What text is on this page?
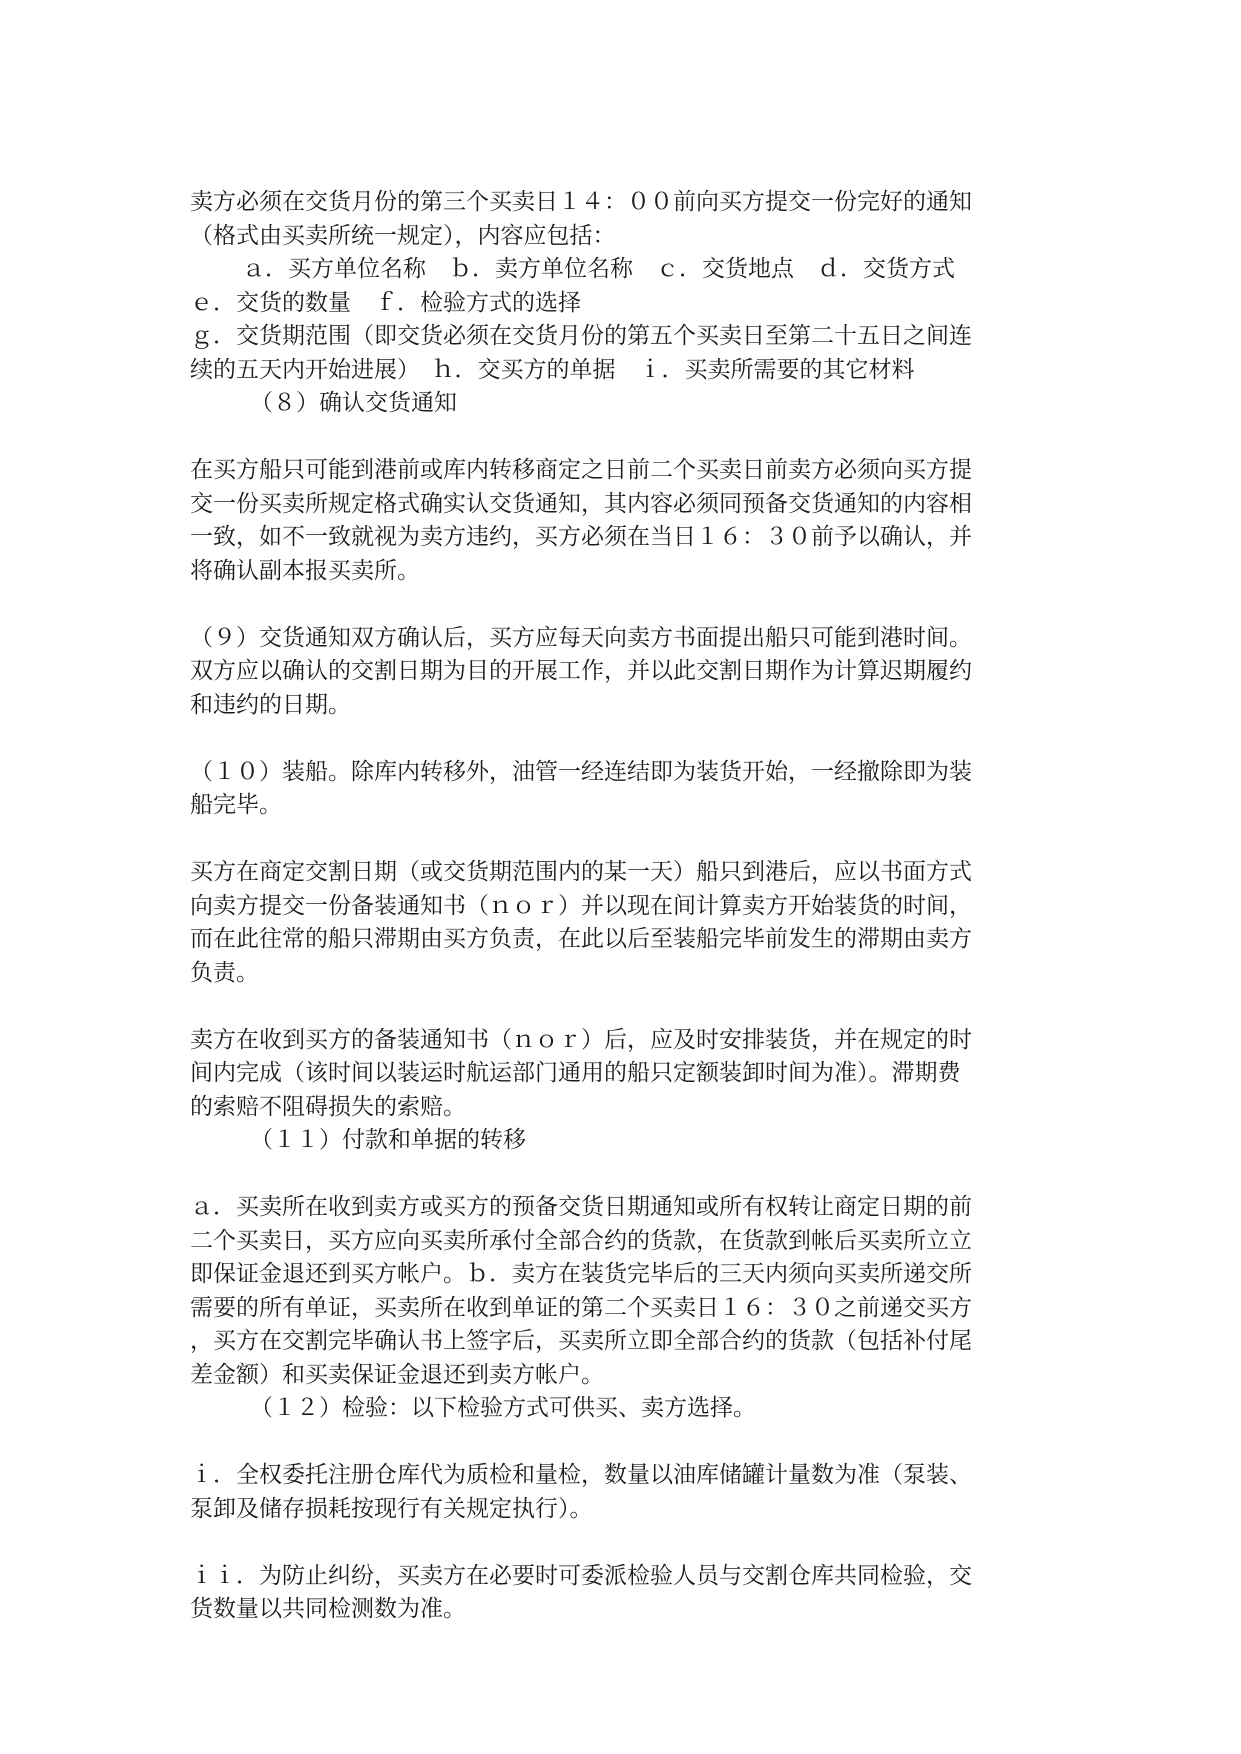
卖方必须在交货月份的第三个买卖日１４：００前向买方提交一份完好的通知
（格式由买卖所统一规定），内容应包括：
ａ．买方单位名称　ｂ．卖方单位名称　ｃ．交货地点　ｄ．交货方式
ｅ．交货的数量　ｆ．检验方式的选择
ｇ．交货期范围（即交货必须在交货月份的第五个买卖日至第二十五日之间连
续的五天内开始进展）　ｈ．交买方的单据　ｉ．买卖所需要的其它材料
（８）确认交货通知
在买方船只可能到港前或库内转移商定之日前二个买卖日前卖方必须向买方提
交一份买卖所规定格式确实认交货通知，其内容必须同预备交货通知的内容相
一致，如不一致就视为卖方违约，买方必须在当日１６：３０前予以确认，并
将确认副本报买卖所。
（９）交货通知双方确认后，买方应每天向卖方书面提出船只可能到港时间。
双方应以确认的交割日期为目的开展工作，并以此交割日期作为计算迟期履约
和违约的日期。
（１０）装船。除库内转移外，油管一经连结即为装货开始，一经撤除即为装
船完毕。
买方在商定交割日期（或交货期范围内的某一天）船只到港后，应以书面方式
向卖方提交一份备装通知书（ｎｏｒ）并以现在间计算卖方开始装货的时间，
而在此往常的船只滞期由买方负责，在此以后至装船完毕前发生的滞期由卖方
负责。
卖方在收到买方的备装通知书（ｎｏｒ）后，应及时安排装货，并在规定的时
间内完成（该时间以装运时航运部门通用的船只定额装卸时间为准）。滞期费
的索赔不阻碍损失的索赔。
（１１）付款和单据的转移
ａ．买卖所在收到卖方或买方的预备交货日期通知或所有权转让商定日期的前
二个买卖日，买方应向买卖所承付全部合约的货款，在货款到帐后买卖所立立
即保证金退还到买方帐户。ｂ．卖方在装货完毕后的三天内须向买卖所递交所
需要的所有单证，买卖所在收到单证的第二个买卖日１６：３０之前递交买方
，买方在交割完毕确认书上签字后，买卖所立即全部合约的货款（包括补付尾
差金额）和买卖保证金退还到卖方帐户。
（１２）检验：以下检验方式可供买、卖方选择。
ｉ．全权委托注册仓库代为质检和量检，数量以油库储罐计量数为准（泵装、
泵卸及储存损耗按现行有关规定执行）。
ｉｉ．为防止纠纷，买卖方在必要时可委派检验人员与交割仓库共同检验，交
货数量以共同检测数为准。
